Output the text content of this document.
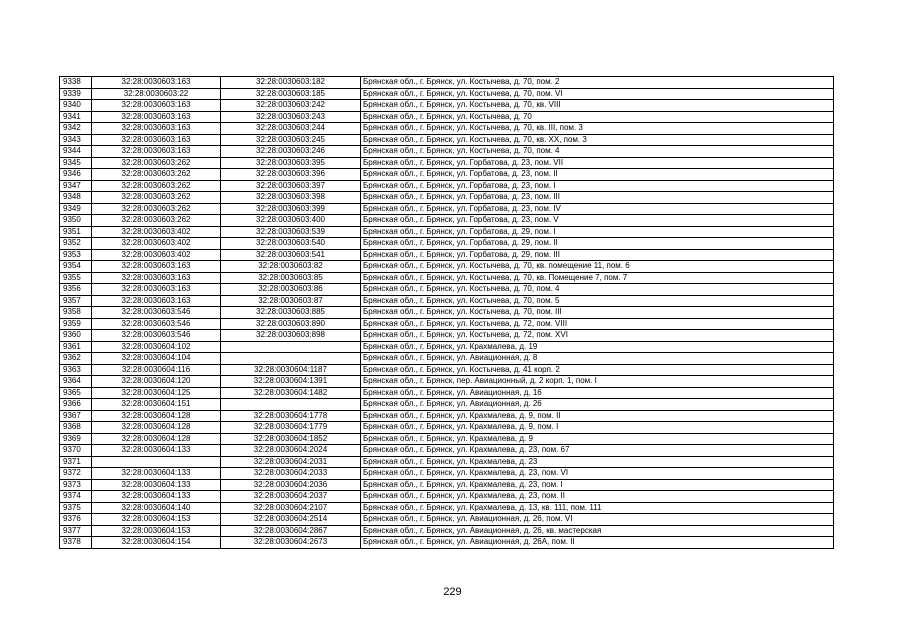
9338	32:28:0030603:163	32:28:0030603:182	Брянская обл., г. Брянск, ул. Костычева, д. 70, пом. 2
9339	32:28:0030603:22	32:28:0030603:185	Брянская обл., г. Брянск, ул. Костычева, д. 70, пом. VI
9340	32:28:0030603:163	32:28:0030603:242	Брянская обл., г. Брянск, ул. Костычева, д. 70, кв. VIII
9341	32:28:0030603:163	32:28:0030603:243	Брянская обл., г. Брянск, ул. Костычева, д. 70
9342	32:28:0030603:163	32:28:0030603:244	Брянская обл., г. Брянск, ул. Костычева, д. 70, кв. III, пом. 3
9343	32:28:0030603:163	32:28:0030603:245	Брянская обл., г. Брянск, ул. Костычева, д. 70, кв. XX, пом. 3
9344	32:28:0030603:163	32:28:0030603:246	Брянская обл., г. Брянск, ул. Костычева, д. 70, пом. 4
9345	32:28:0030603:262	32:28:0030603:395	Брянская обл., г. Брянск, ул. Горбатова, д. 23, пом. VII
9346	32:28:0030603:262	32:28:0030603:396	Брянская обл., г. Брянск, ул. Горбатова, д. 23, пом. II
9347	32:28:0030603:262	32:28:0030603:397	Брянская обл., г. Брянск, ул. Горбатова, д. 23, пом. I
9348	32:28:0030603:262	32:28:0030603:398	Брянская обл., г. Брянск, ул. Горбатова, д. 23, пом. III
9349	32:28:0030603:262	32:28:0030603:399	Брянская обл., г. Брянск, ул. Горбатова, д. 23, пом. IV
9350	32:28:0030603:262	32:28:0030603:400	Брянская обл., г. Брянск, ул. Горбатова, д. 23, пом. V
9351	32:28:0030603:402	32:28:0030603:539	Брянская обл., г. Брянск, ул. Горбатова, д. 29, пом. I
9352	32:28:0030603:402	32:28:0030603:540	Брянская обл., г. Брянск, ул. Горбатова, д. 29, пом. II
9353	32:28:0030603:402	32:28:0030603:541	Брянская обл., г. Брянск, ул. Горбатова, д. 29, пом. III
9354	32:28:0030603:163	32:28:0030603:82	Брянская обл., г. Брянск, ул. Костычева, д. 70, кв. помещение 11, пом. 6
9355	32:28:0030603:163	32:28:0030603:85	Брянская обл., г. Брянск, ул. Костычева, д. 70, кв. Помещение 7, пом. 7
9356	32:28:0030603:163	32:28:0030603:86	Брянская обл., г. Брянск, ул. Костычева, д. 70, пом. 4
9357	32:28:0030603:163	32:28:0030603:87	Брянская обл., г. Брянск, ул. Костычева, д. 70, пом. 5
9358	32:28:0030603:546	32:28:0030603:885	Брянская обл., г. Брянск, ул. Костычева, д. 70, пом. III
9359	32:28:0030603:546	32:28:0030603:890	Брянская обл., г. Брянск, ул. Костычева, д. 72, пом. VIII
9360	32:28:0030603:546	32:28:0030603:898	Брянская обл., г. Брянск, ул. Костычева, д. 72, пом. XVI
9361	32:28:0030604:102		Брянская обл., г. Брянск, ул. Крахмалева, д. 19
9362	32:28:0030604:104		Брянская обл., г. Брянск, ул. Авиационная, д. 8
9363	32:28:0030604:116	32:28:0030604:1187	Брянская обл., г. Брянск, ул. Костычева, д. 41 корп. 2
9364	32:28:0030604:120	32:28:0030604:1391	Брянская обл., г. Брянск, пер. Авиационный, д. 2 корп. 1, пом. I
9365	32:28:0030604:125	32:28:0030604:1482	Брянская обл., г. Брянск, ул. Авиационная, д. 16
9366	32:28:0030604:151		Брянская обл., г. Брянск, ул. Авиационная, д. 26
9367	32:28:0030604:128	32:28:0030604:1778	Брянская обл., г. Брянск, ул. Крахмалева, д. 9, пом. II
9368	32:28:0030604:128	32:28:0030604:1779	Брянская обл., г. Брянск, ул. Крахмалева, д. 9, пом. I
9369	32:28:0030604:128	32:28:0030604:1852	Брянская обл., г. Брянск, ул. Крахмалева, д. 9
9370	32:28:0030604:133	32:28:0030604:2024	Брянская обл., г. Брянск, ул. Крахмалева, д. 23, пом. 67
9371		32:28:0030604:2031	Брянская обл., г. Брянск, ул. Крахмалева, д. 23
9372	32:28:0030604:133	32:28:0030604:2033	Брянская обл., г. Брянск, ул. Крахмалева, д. 23, пом. VI
9373	32:28:0030604:133	32:28:0030604:2036	Брянская обл., г. Брянск, ул. Крахмалева, д. 23, пом. I
9374	32:28:0030604:133	32:28:0030604:2037	Брянская обл., г. Брянск, ул. Крахмалева, д. 23, пом. II
9375	32:28:0030604:140	32:28:0030604:2107	Брянская обл., г. Брянск, ул. Крахмалева, д. 13, кв. 111, пом. 111
9376	32:28:0030604:153	32:28:0030604:2514	Брянская обл., г. Брянск, ул. Авиационная, д. 26, пом. VI
9377	32:28:0030604:153	32:28:0030604:2867	Брянская обл., г. Брянск, ул. Авиационная, д. 26, кв. мастерская
9378	32:28:0030604:154	32:28:0030604:2673	Брянская обл., г. Брянск, ул. Авиационная, д. 26А, пом. II
229
